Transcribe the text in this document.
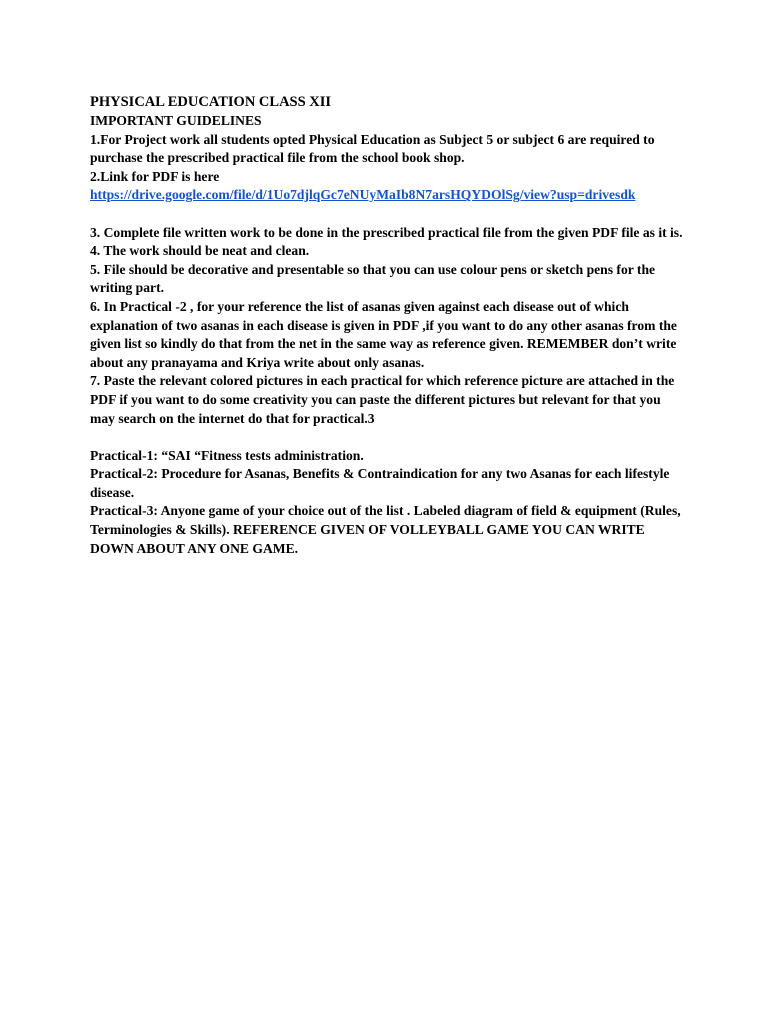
PHYSICAL EDUCATION CLASS XII

IMPORTANT GUIDELINES

1.For Project work all students opted Physical Education as Subject 5 or subject 6 are required to purchase the prescribed practical file from the school book shop.

2.Link for PDF is here

https://drive.google.com/file/d/1Uo7djlqGc7eNUyMaIb8N7arsHQYDOlSg/view?usp=drivesdk

3. Complete file written work to be done in the prescribed practical file from the given PDF file as it is.

4. The work should be neat and clean.

5. File should be decorative and presentable so that you can use colour pens or sketch pens for the writing part.

6. In Practical -2 , for your reference the list of asanas given against each disease out of which explanation of two asanas in each disease is given in PDF ,if you want to do any other asanas from the given list so kindly do that from the net in the same way as reference given. REMEMBER don’t write about any pranayama and Kriya write about only asanas.

7. Paste the relevant colored pictures in each practical for which reference picture are attached in the PDF if you want to do some creativity you can paste the different pictures but relevant for that you may search on the internet do that for practical.3

Practical-1: “SAI “Fitness tests administration.

Practical-2: Procedure for Asanas, Benefits & Contraindication for any two Asanas for each lifestyle disease.

Practical-3: Anyone game of your choice out of the list . Labeled diagram of field & equipment (Rules, Terminologies & Skills). REFERENCE GIVEN OF VOLLEYBALL GAME YOU CAN WRITE DOWN ABOUT ANY ONE GAME.
